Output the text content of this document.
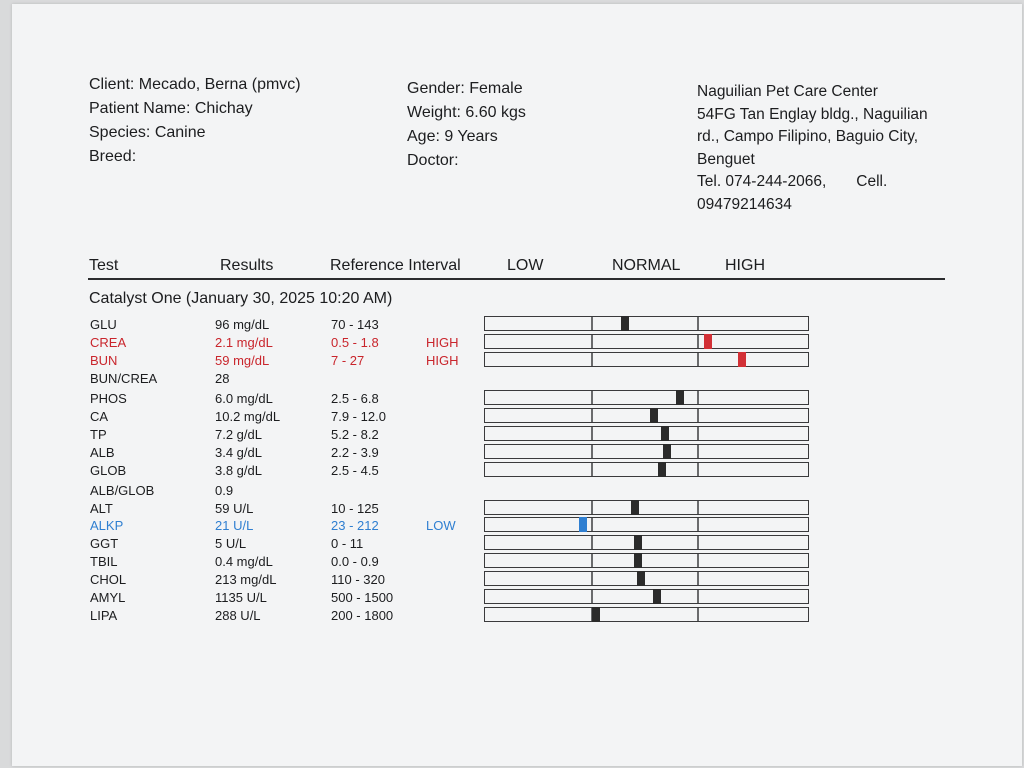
Client: Mecado, Berna (pmvc)
Patient Name: Chichay
Species: Canine
Breed:
Gender: Female
Weight: 6.60 kgs
Age: 9 Years
Doctor:
Naguilian Pet Care Center
54FG Tan Englay bldg., Naguilian
rd., Campo Filipino, Baguio City,
Benguet
Tel. 074-244-2066, Cell.
09479214634
Test	Results	Reference Interval	LOW	NORMAL	HIGH
Catalyst One (January 30, 2025 10:20 AM)
GLU	96 mg/dL	70 - 143
CREA	2.1 mg/dL	0.5 - 1.8	HIGH
BUN	59 mg/dL	7 - 27	HIGH
BUN/CREA	28
PHOS	6.0 mg/dL	2.5 - 6.8
CA	10.2 mg/dL	7.9 - 12.0
TP	7.2 g/dL	5.2 - 8.2
ALB	3.4 g/dL	2.2 - 3.9
GLOB	3.8 g/dL	2.5 - 4.5
ALB/GLOB	0.9
ALT	59 U/L	10 - 125
ALKP	21 U/L	23 - 212	LOW
GGT	5 U/L	0 - 11
TBIL	0.4 mg/dL	0.0 - 0.9
CHOL	213 mg/dL	110 - 320
AMYL	1135 U/L	500 - 1500
LIPA	288 U/L	200 - 1800
